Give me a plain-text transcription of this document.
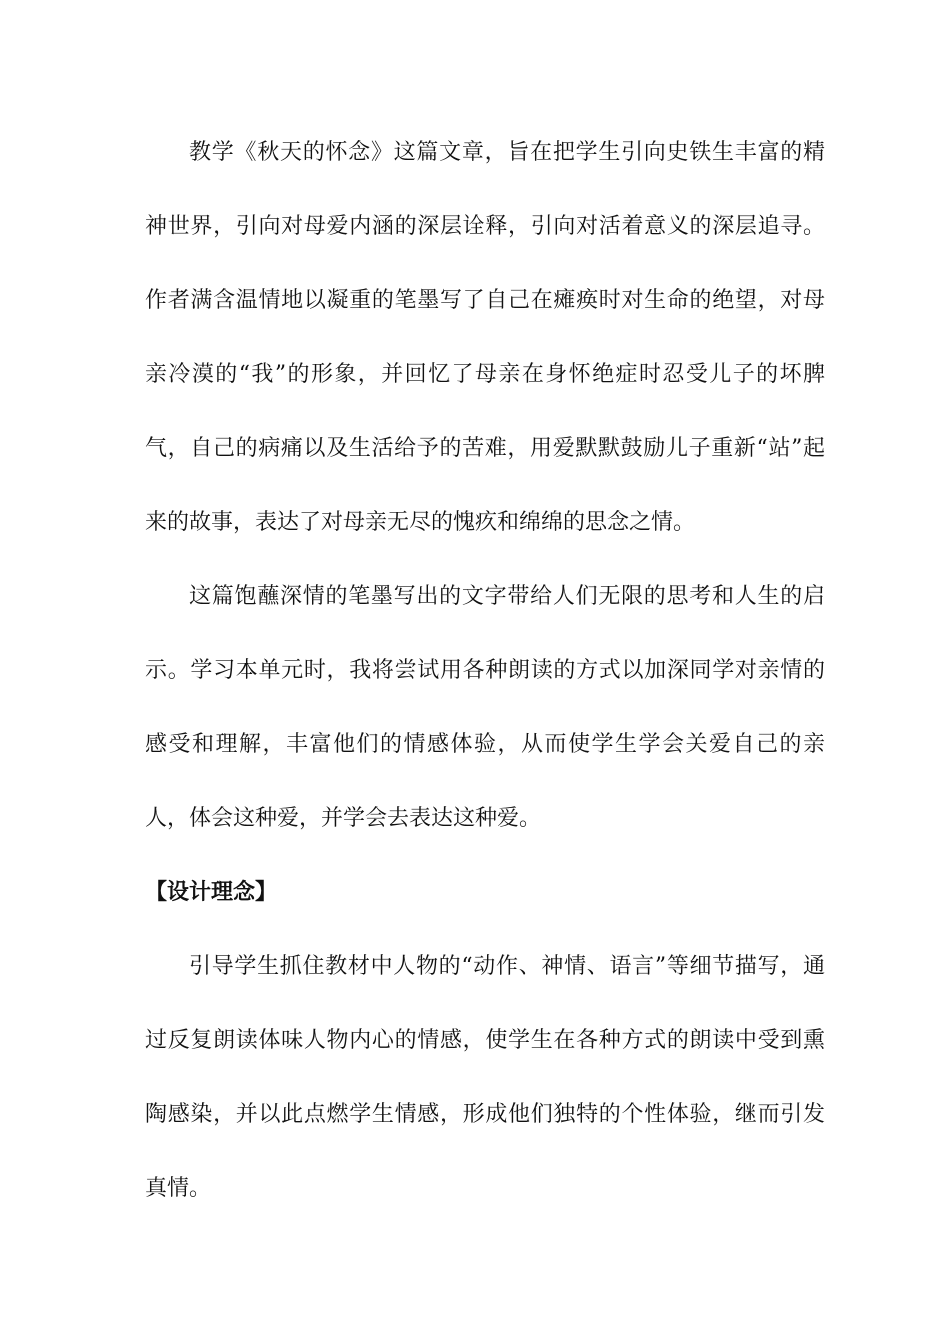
教学《秋天的怀念》这篇文章，旨在把学生引向史铁生丰富的精神世界，引向对母爱内涵的深层诠释，引向对活着意义的深层追寻。作者满含温情地以凝重的笔墨写了自己在瘫痪时对生命的绝望，对母亲冷漠的“我”的形象，并回忆了母亲在身怀绝症时忍受儿子的坏脾气，自己的病痛以及生活给予的苦难，用爱默默鼓励儿子重新“站”起来的故事，表达了对母亲无尽的愧疚和绵绵的思念之情。

这篇饱蘸深情的笔墨写出的文字带给人们无限的思考和人生的启示。学习本单元时，我将尝试用各种朗读的方式以加深同学对亲情的感受和理解，丰富他们的情感体验，从而使学生学会关爱自己的亲人，体会这种爱，并学会去表达这种爱。

【设计理念】

引导学生抓住教材中人物的“动作、神情、语言”等细节描写，通过反复朗读体味人物内心的情感，使学生在各种方式的朗读中受到熏陶感染，并以此点燃学生情感，形成他们独特的个性体验，继而引发真情。
